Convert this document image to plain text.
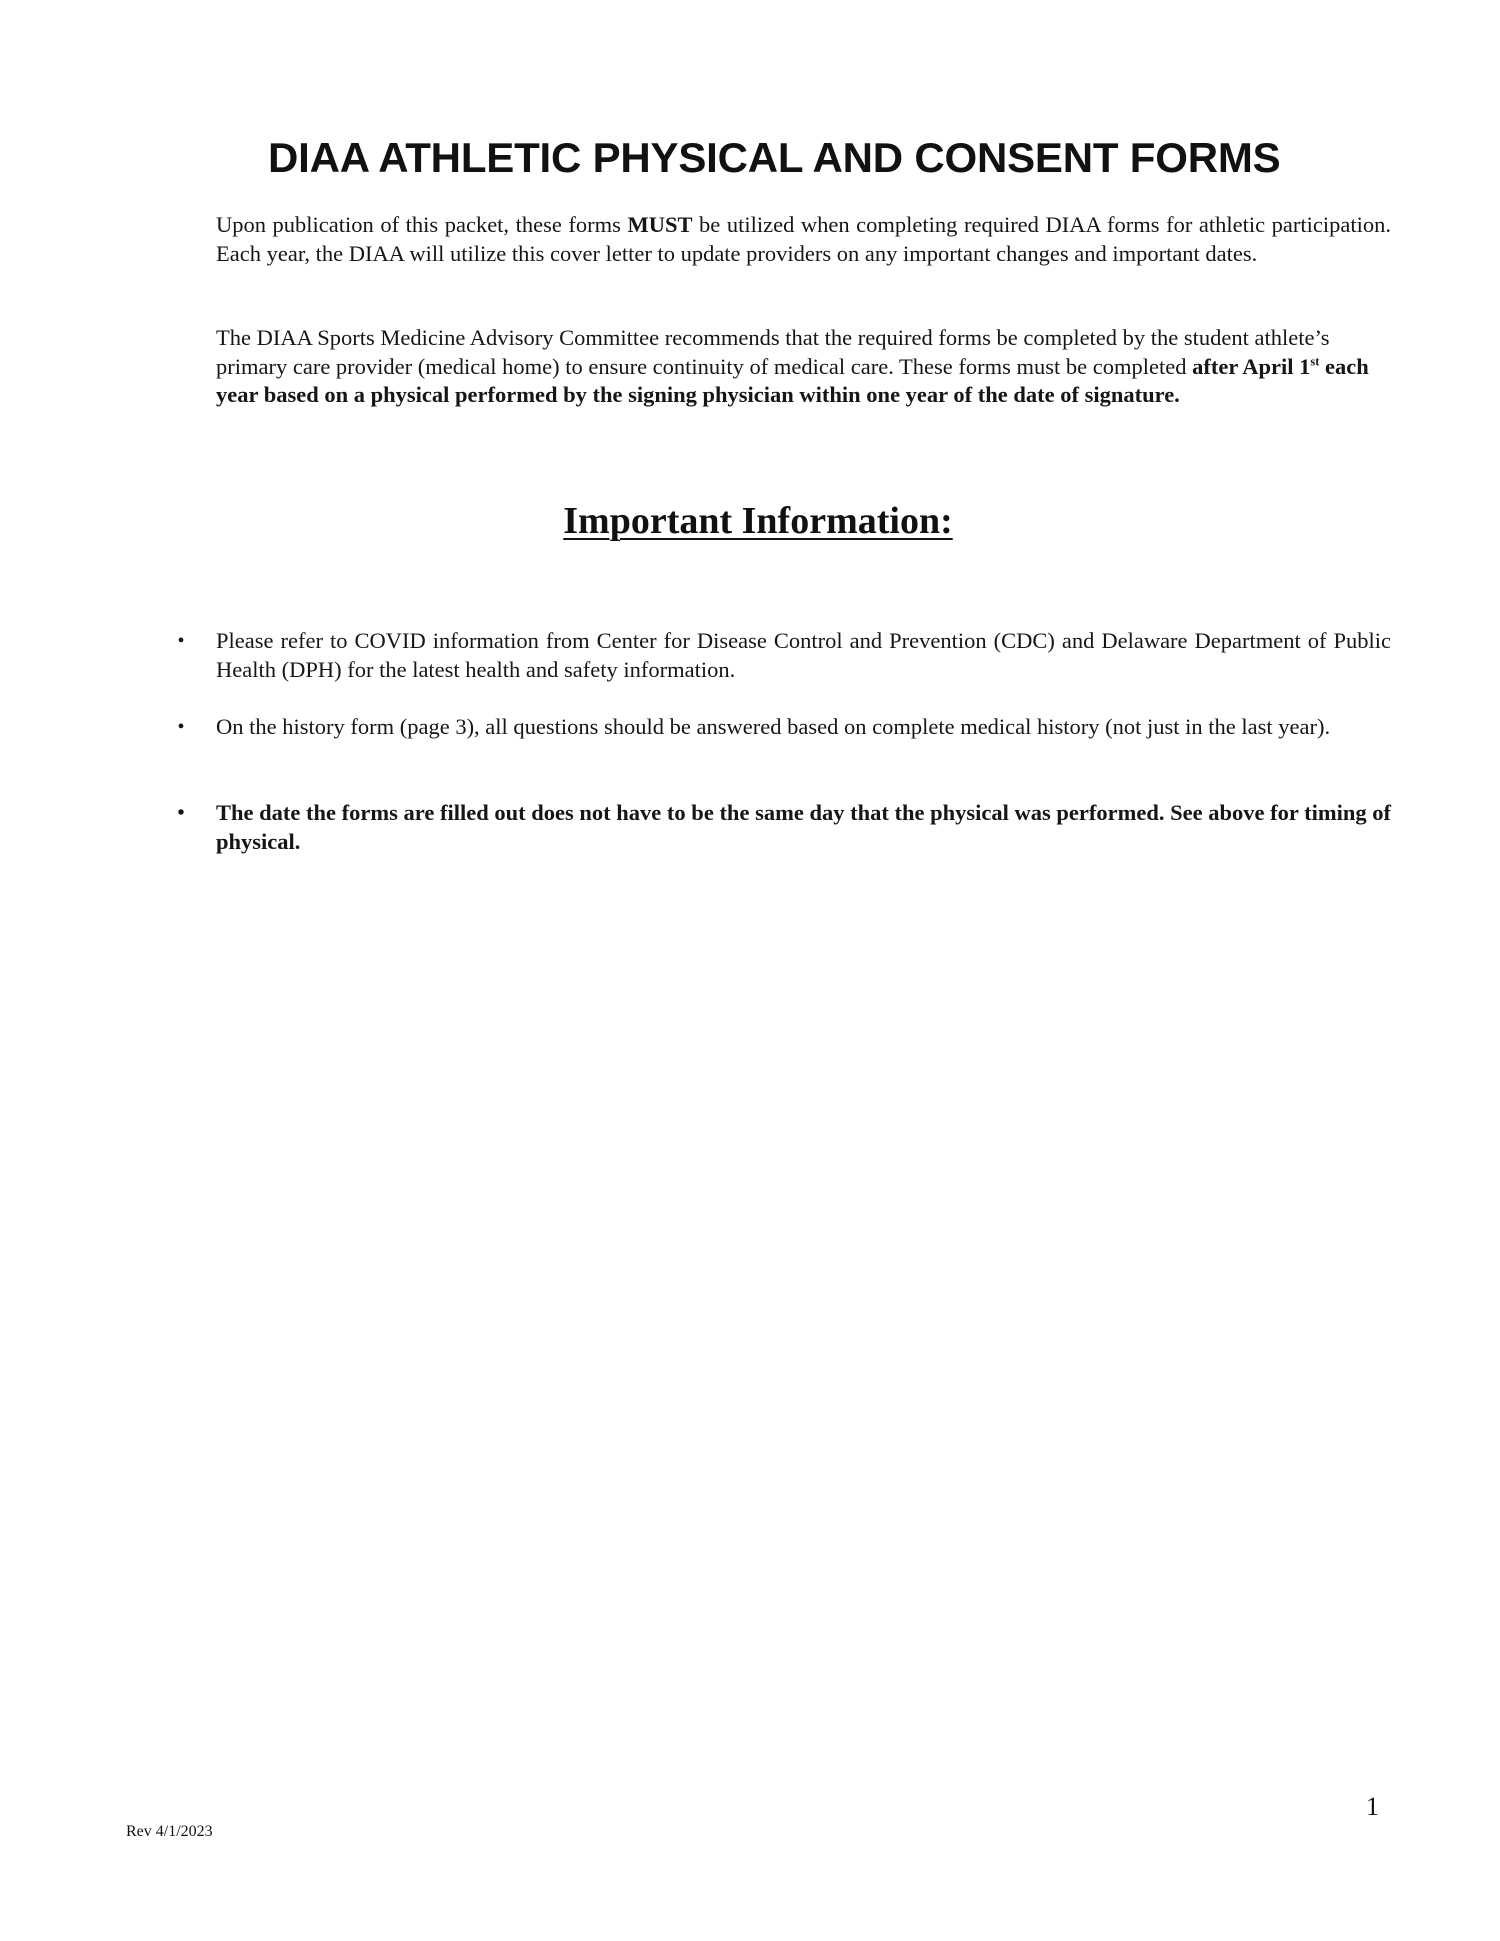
DIAA ATHLETIC PHYSICAL AND CONSENT FORMS

Upon publication of this packet, these forms MUST be utilized when completing required DIAA forms for athletic participation. Each year, the DIAA will utilize this cover letter to update providers on any important changes and important dates.

The DIAA Sports Medicine Advisory Committee recommends that the required forms be completed by the student athlete’s primary care provider (medical home) to ensure continuity of medical care. These forms must be completed after April 1st each year based on a physical performed by the signing physician within one year of the date of signature.

Important Information:
• Please refer to COVID information from Center for Disease Control and Prevention (CDC) and Delaware Department of Public Health (DPH) for the latest health and safety information.
• On the history form (page 3), all questions should be answered based on complete medical history (not just in the last year).
• The date the forms are filled out does not have to be the same day that the physical was performed. See above for timing of physical.
1
Rev 4/1/2023
